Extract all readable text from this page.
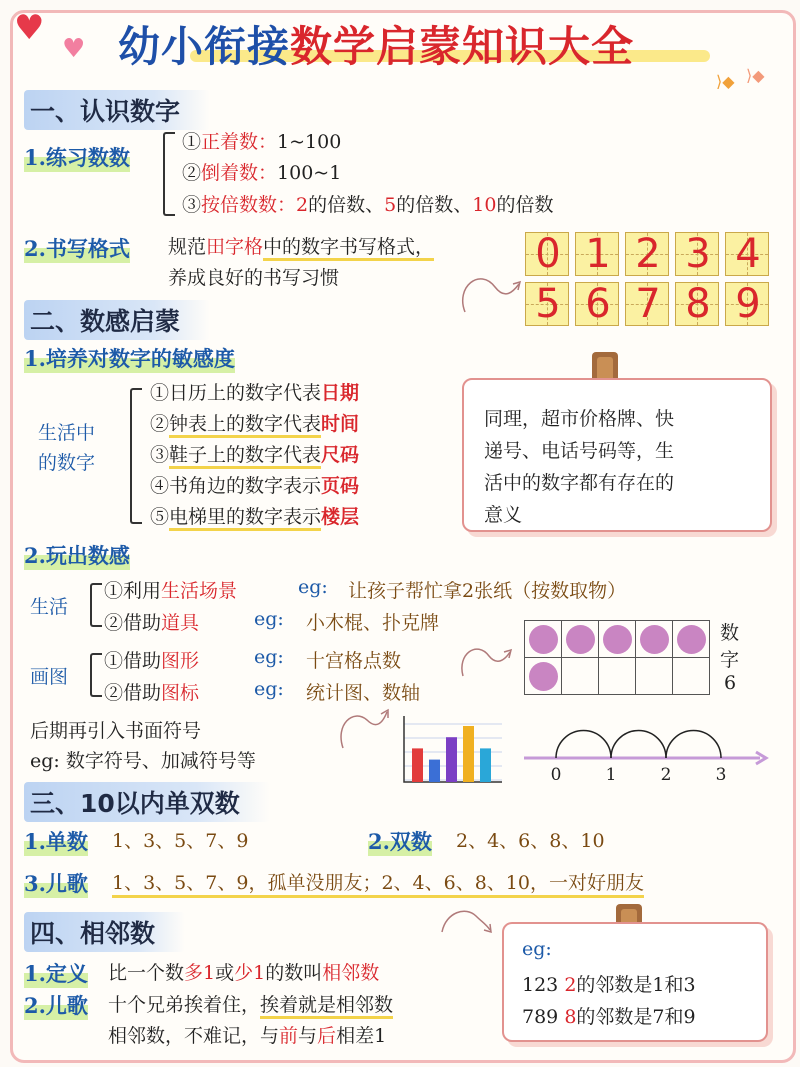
♥
♥
⟩◆ ⟩◆
幼小衔接数学启蒙知识大全
一、认识数字
1.练习数数
①正着数：1~100
②倒着数：100~1
③按倍数数：2的倍数、5的倍数、10的倍数
2.书写格式 规范田字格中的数字书写格式，
养成良好的书写习惯
0 1 2 3 4
5 6 7 8 9
二、数感启蒙
1.培养对数字的敏感度
生活中
的数字
①日历上的数字代表日期
②钟表上的数字代表时间
③鞋子上的数字代表尺码
④书角边的数字表示页码
⑤电梯里的数字表示楼层
同理，超市价格牌、快
递号、电话号码等，生
活中的数字都有存在的
意义
2.玩出数感
生活
①利用生活场景	eg: 让孩子帮忙拿2张纸（按数取物）
②借助道具	eg: 小木棍、扑克牌
画图
①借助图形	eg: 十宫格点数
②借助图标	eg: 统计图、数轴
数
字
6
后期再引入书面符号
eg: 数字符号、加减符号等
0	1	2	3
三、10以内单双数
1.单数 1、3、5、7、9	2.双数 2、4、6、8、10
3.儿歌 1、3、5、7、9，孤单没朋友；2、4、6、8、10，一对好朋友
四、相邻数
1.定义 比一个数多1或少1的数叫相邻数
2.儿歌 十个兄弟挨着住，挨着就是相邻数
相邻数，不难记，与前与后相差1
eg:
123 2的邻数是1和3
789 8的邻数是7和9
